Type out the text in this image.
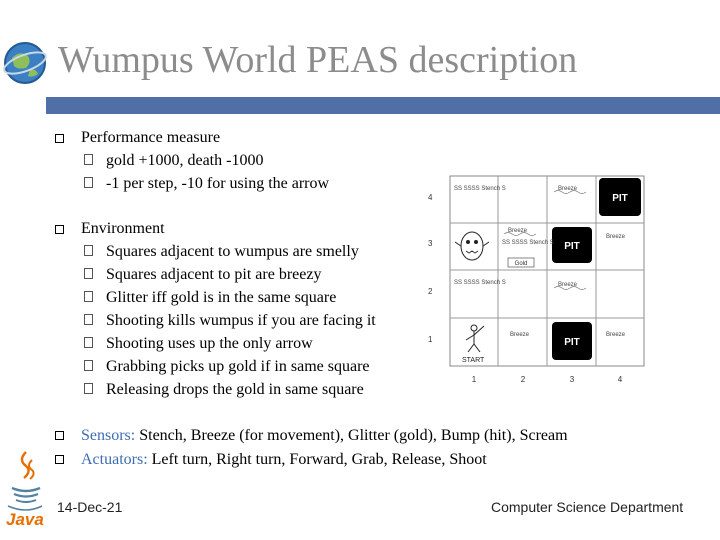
Wumpus World PEAS description
Performance measure
gold +1000, death -1000
-1 per step, -10 for using the arrow
Environment
Squares adjacent to wumpus are smelly
Squares adjacent to pit are breezy
Glitter iff gold is in the same square
Shooting kills wumpus if you are facing it
Shooting uses up the only arrow
Grabbing picks up gold if in same square
Releasing drops the gold in same square
Sensors: Stench, Breeze (for movement), Glitter (gold), Bump (hit), Scream
Actuators: Left turn, Right turn, Forward, Grab, Release, Shoot
4
3
2
1
PIT
PIT
PIT
SS SSSS Stench S
SS SSSS Stench S
SS SSSS Stench S
Breeze
Breeze
Breeze
Breeze
Breeze	Breeze
Gold
START
1	2	3	4
Java
14-Dec-21	Computer Science Department
